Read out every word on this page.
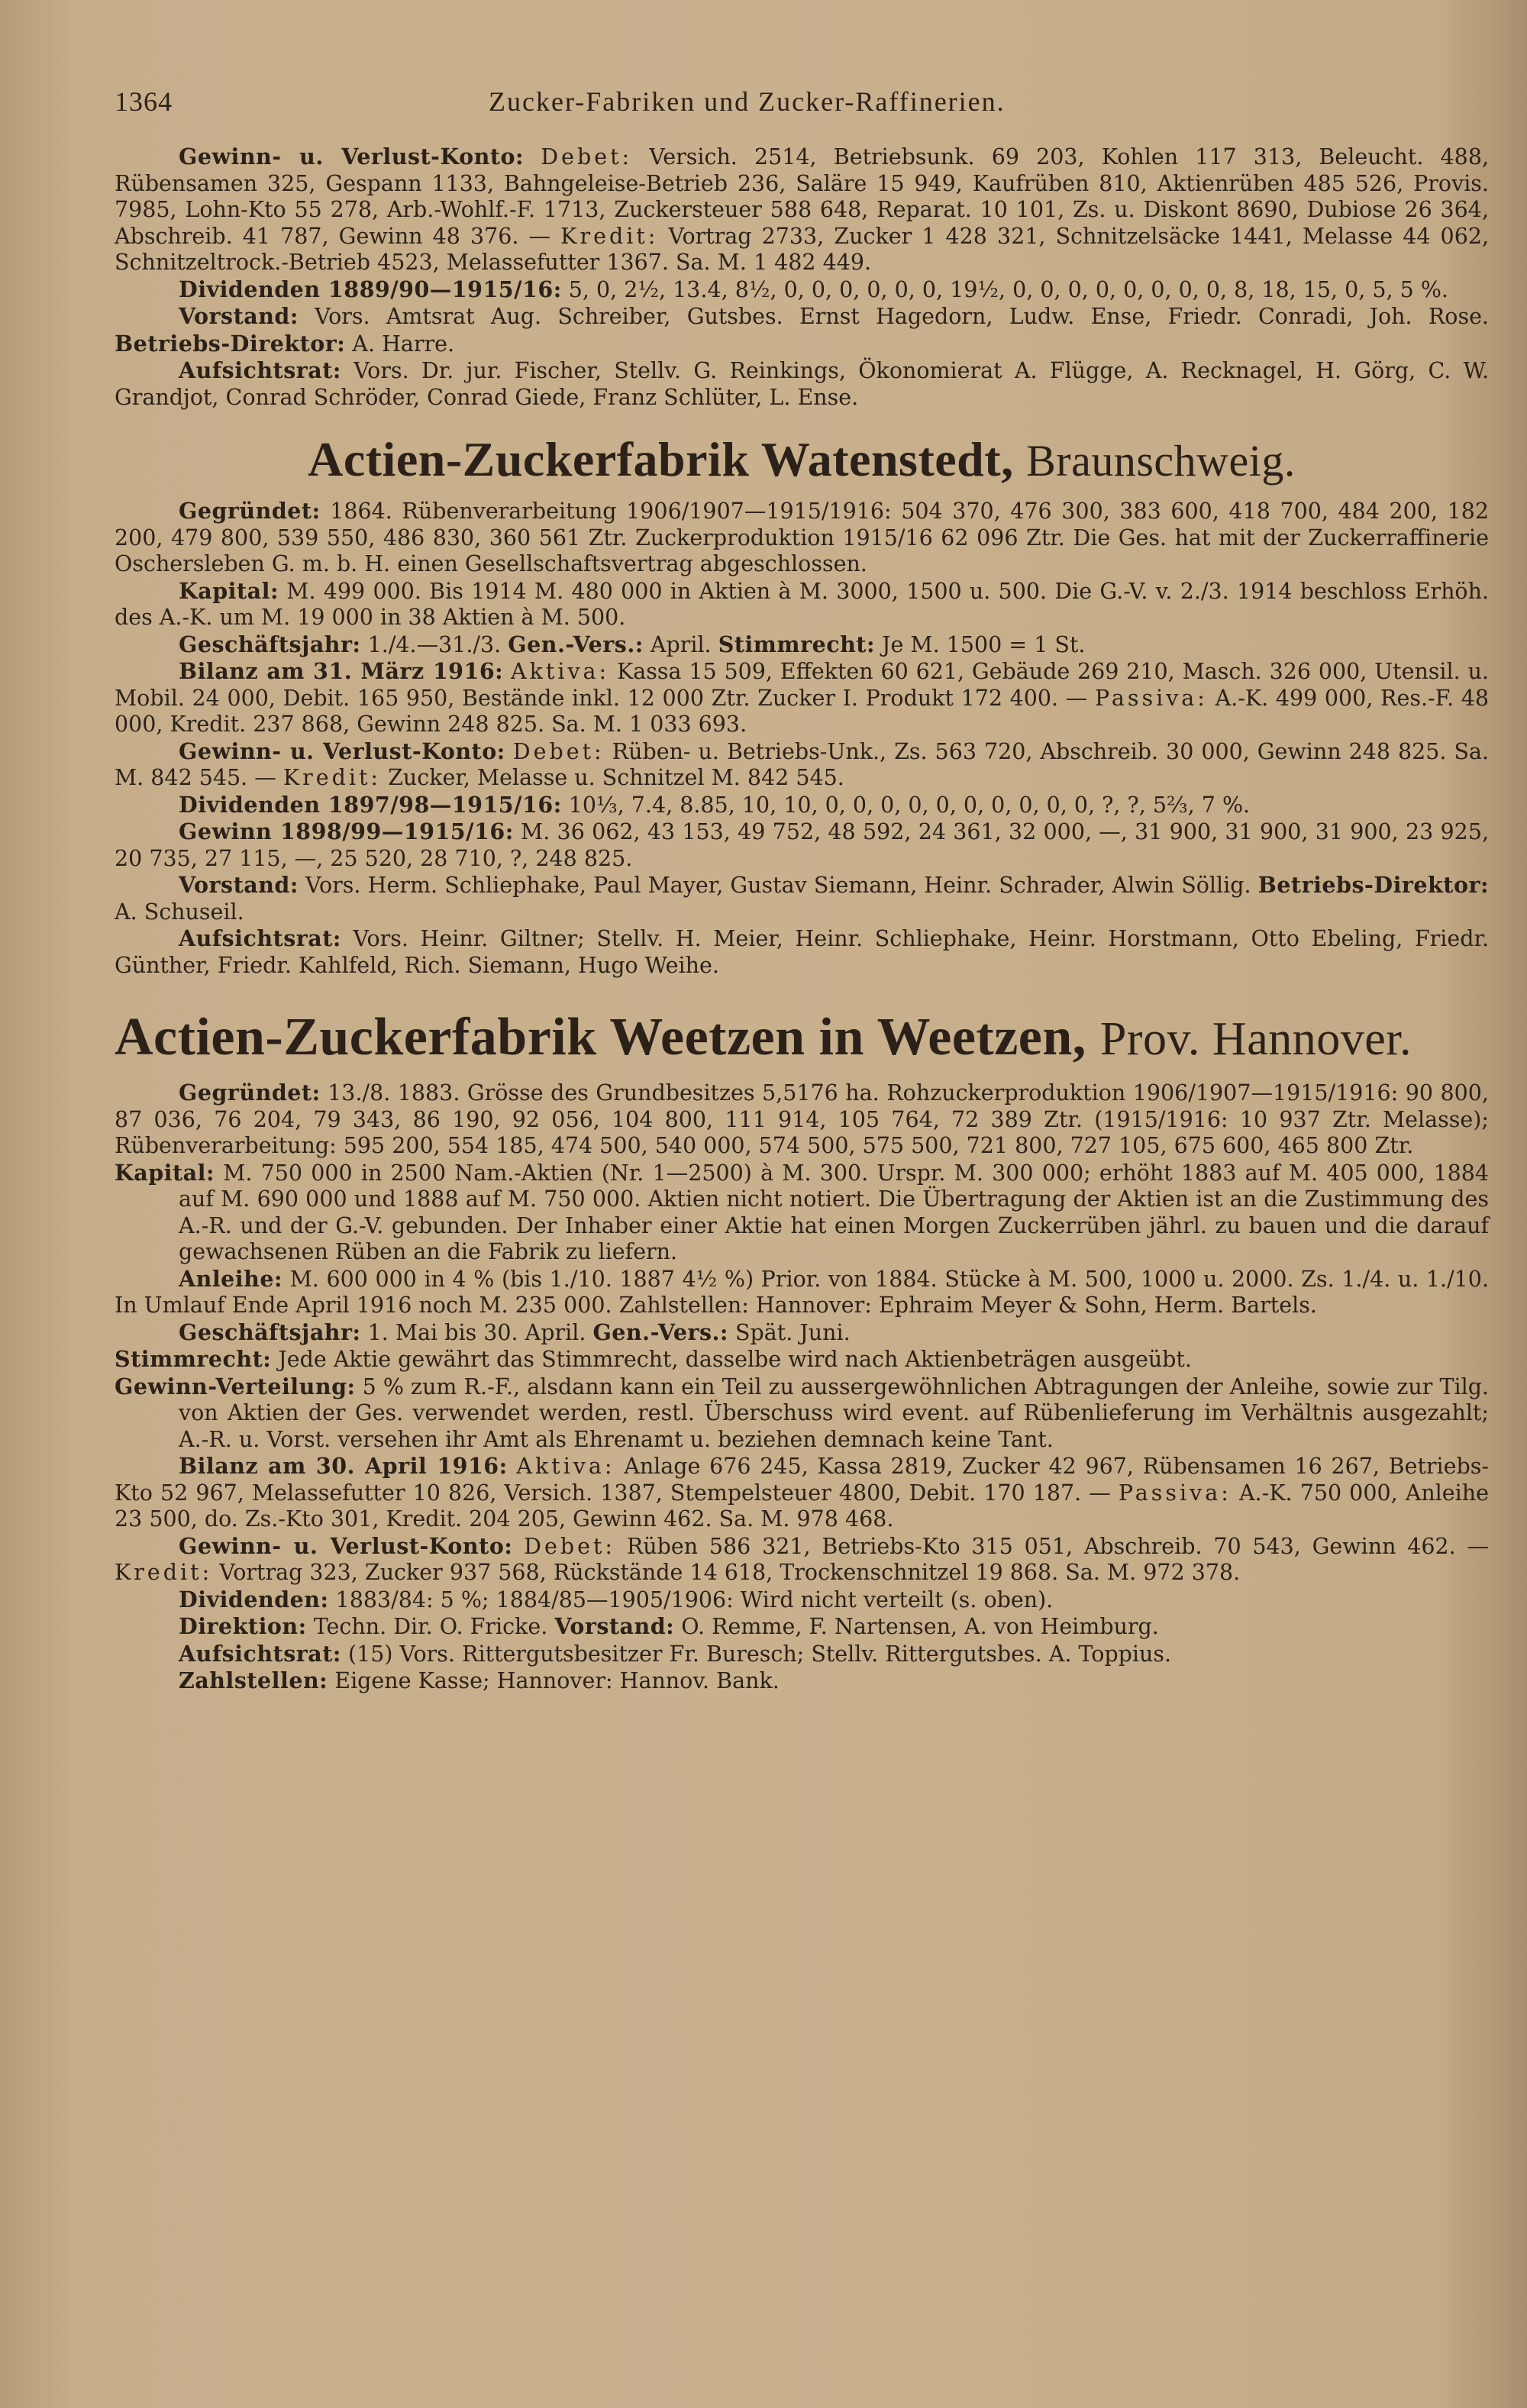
1364	Zucker-Fabriken und Zucker-Raffinerien.

Gewinn- u. Verlust-Konto: Debet: Versich. 2514, Betriebsunk. 69 203, Kohlen 117 313, Beleucht. 488, Rübensamen 325, Gespann 1133, Bahngeleise-Betrieb 236, Saläre 15 949, Kaufrüben 810, Aktienrüben 485 526, Provis. 7985, Lohn-Kto 55 278, Arb.-Wohlf.-F. 1713, Zuckersteuer 588 648, Reparat. 10 101, Zs. u. Diskont 8690, Dubiose 26 364, Abschreib. 41 787, Gewinn 48 376. — Kredit: Vortrag 2733, Zucker 1 428 321, Schnitzelsäcke 1441, Melasse 44 062, Schnitzeltrock.-Betrieb 4523, Melassefutter 1367. Sa. M. 1 482 449.

Dividenden 1889/90—1915/16: 5, 0, 2½, 13.4, 8½, 0, 0, 0, 0, 0, 0, 19½, 0, 0, 0, 0, 0, 0, 0, 0, 8, 18, 15, 0, 5, 5 %.

Vorstand: Vors. Amtsrat Aug. Schreiber, Gutsbes. Ernst Hagedorn, Ludw. Ense, Friedr. Conradi, Joh. Rose. Betriebs-Direktor: A. Harre.

Aufsichtsrat: Vors. Dr. jur. Fischer, Stellv. G. Reinkings, Ökonomierat A. Flügge, A. Recknagel, H. Görg, C. W. Grandjot, Conrad Schröder, Conrad Giede, Franz Schlüter, L. Ense.

Actien-Zuckerfabrik Watenstedt, Braunschweig.

Gegründet: 1864. Rübenverarbeitung 1906/1907—1915/1916: 504 370, 476 300, 383 600, 418 700, 484 200, 182 200, 479 800, 539 550, 486 830, 360 561 Ztr. Zuckerproduktion 1915/16 62 096 Ztr. Die Ges. hat mit der Zuckerraffinerie Oschersleben G. m. b. H. einen Gesellschaftsvertrag abgeschlossen.

Kapital: M. 499 000. Bis 1914 M. 480 000 in Aktien à M. 3000, 1500 u. 500. Die G.-V. v. 2./3. 1914 beschloss Erhöh. des A.-K. um M. 19 000 in 38 Aktien à M. 500.

Geschäftsjahr: 1./4.—31./3. Gen.-Vers.: April. Stimmrecht: Je M. 1500 = 1 St.

Bilanz am 31. März 1916: Aktiva: Kassa 15 509, Effekten 60 621, Gebäude 269 210, Masch. 326 000, Utensil. u. Mobil. 24 000, Debit. 165 950, Bestände inkl. 12 000 Ztr. Zucker I. Produkt 172 400. — Passiva: A.-K. 499 000, Res.-F. 48 000, Kredit. 237 868, Gewinn 248 825. Sa. M. 1 033 693.

Gewinn- u. Verlust-Konto: Debet: Rüben- u. Betriebs-Unk., Zs. 563 720, Abschreib. 30 000, Gewinn 248 825. Sa. M. 842 545. — Kredit: Zucker, Melasse u. Schnitzel M. 842 545.

Dividenden 1897/98—1915/16: 10⅓, 7.4, 8.85, 10, 10, 0, 0, 0, 0, 0, 0, 0, 0, 0, 0, ?, ?, 5⅔, 7 %.

Gewinn 1898/99—1915/16: M. 36 062, 43 153, 49 752, 48 592, 24 361, 32 000, —, 31 900, 31 900, 31 900, 23 925, 20 735, 27 115, —, 25 520, 28 710, ?, 248 825.

Vorstand: Vors. Herm. Schliephake, Paul Mayer, Gustav Siemann, Heinr. Schrader, Alwin Söllig. Betriebs-Direktor: A. Schuseil.

Aufsichtsrat: Vors. Heinr. Giltner; Stellv. H. Meier, Heinr. Schliephake, Heinr. Horstmann, Otto Ebeling, Friedr. Günther, Friedr. Kahlfeld, Rich. Siemann, Hugo Weihe.

Actien-Zuckerfabrik Weetzen in Weetzen, Prov. Hannover.

Gegründet: 13./8. 1883. Grösse des Grundbesitzes 5,5176 ha. Rohzuckerproduktion 1906/1907—1915/1916: 90 800, 87 036, 76 204, 79 343, 86 190, 92 056, 104 800, 111 914, 105 764, 72 389 Ztr. (1915/1916: 10 937 Ztr. Melasse); Rübenverarbeitung: 595 200, 554 185, 474 500, 540 000, 574 500, 575 500, 721 800, 727 105, 675 600, 465 800 Ztr.

Kapital: M. 750 000 in 2500 Nam.-Aktien (Nr. 1—2500) à M. 300. Urspr. M. 300 000; erhöht 1883 auf M. 405 000, 1884 auf M. 690 000 und 1888 auf M. 750 000. Aktien nicht notiert. Die Übertragung der Aktien ist an die Zustimmung des A.-R. und der G.-V. gebunden. Der Inhaber einer Aktie hat einen Morgen Zuckerrüben jährl. zu bauen und die darauf gewachsenen Rüben an die Fabrik zu liefern.

Anleihe: M. 600 000 in 4 % (bis 1./10. 1887 4½ %) Prior. von 1884. Stücke à M. 500, 1000 u. 2000. Zs. 1./4. u. 1./10. In Umlauf Ende April 1916 noch M. 235 000. Zahlstellen: Hannover: Ephraim Meyer & Sohn, Herm. Bartels.

Geschäftsjahr: 1. Mai bis 30. April. Gen.-Vers.: Spät. Juni.

Stimmrecht: Jede Aktie gewährt das Stimmrecht, dasselbe wird nach Aktienbeträgen ausgeübt.

Gewinn-Verteilung: 5 % zum R.-F., alsdann kann ein Teil zu aussergewöhnlichen Abtragungen der Anleihe, sowie zur Tilg. von Aktien der Ges. verwendet werden, restl. Überschuss wird event. auf Rübenlieferung im Verhältnis ausgezahlt; A.-R. u. Vorst. versehen ihr Amt als Ehrenamt u. beziehen demnach keine Tant.

Bilanz am 30. April 1916: Aktiva: Anlage 676 245, Kassa 2819, Zucker 42 967, Rübensamen 16 267, Betriebs-Kto 52 967, Melassefutter 10 826, Versich. 1387, Stempelsteuer 4800, Debit. 170 187. — Passiva: A.-K. 750 000, Anleihe 23 500, do. Zs.-Kto 301, Kredit. 204 205, Gewinn 462. Sa. M. 978 468.

Gewinn- u. Verlust-Konto: Debet: Rüben 586 321, Betriebs-Kto 315 051, Abschreib. 70 543, Gewinn 462. — Kredit: Vortrag 323, Zucker 937 568, Rückstände 14 618, Trockenschnitzel 19 868. Sa. M. 972 378.

Dividenden: 1883/84: 5 %; 1884/85—1905/1906: Wird nicht verteilt (s. oben).

Direktion: Techn. Dir. O. Fricke. Vorstand: O. Remme, F. Nartensen, A. von Heimburg.

Aufsichtsrat: (15) Vors. Rittergutsbesitzer Fr. Buresch; Stellv. Rittergutsbes. A. Toppius.

Zahlstellen: Eigene Kasse; Hannover: Hannov. Bank.
